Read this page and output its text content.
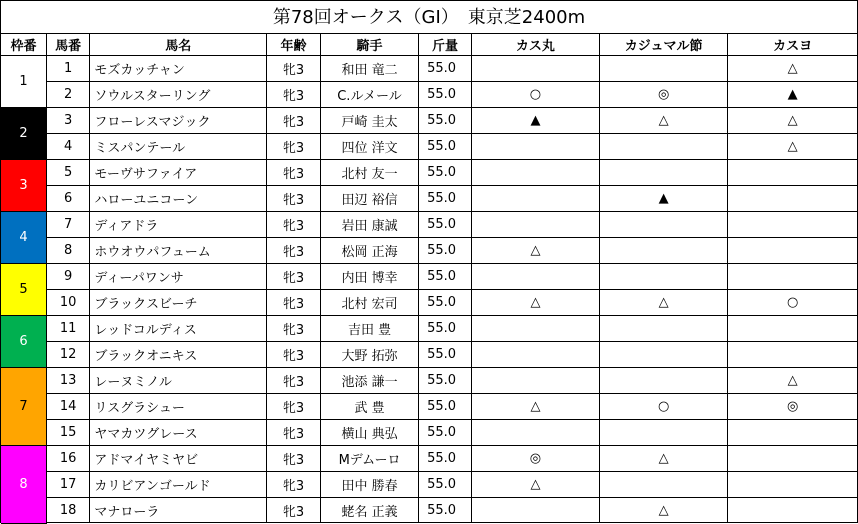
第78回オークス（GI）　東京芝2400m
枠番	馬番	馬名	年齢	騎手	斤量	カス丸	カジュマル節	カスヨ
1	1	モズカッチャン	牝3	和田 竜二	55.0			△
	2	ソウルスターリング	牝3	C.ルメール	55.0	○	◎	▲
2	3	フローレスマジック	牝3	戸崎 圭太	55.0	▲	△	△
	4	ミスパンテール	牝3	四位 洋文	55.0			△
3	5	モーヴサファイア	牝3	北村 友一	55.0			
	6	ハローユニコーン	牝3	田辺 裕信	55.0		▲	
4	7	ディアドラ	牝3	岩田 康誠	55.0			
	8	ホウオウパフューム	牝3	松岡 正海	55.0	△		
5	9	ディーパワンサ	牝3	内田 博幸	55.0			
	10	ブラックスビーチ	牝3	北村 宏司	55.0	△	△	○
6	11	レッドコルディス	牝3	吉田 豊	55.0			
	12	ブラックオニキス	牝3	大野 拓弥	55.0			
7	13	レーヌミノル	牝3	池添 謙一	55.0			△
	14	リスグラシュー	牝3	武 豊	55.0	△	○	◎
	15	ヤマカツグレース	牝3	横山 典弘	55.0			
8	16	アドマイヤミヤビ	牝3	Mデムーロ	55.0	◎	△	
	17	カリビアンゴールド	牝3	田中 勝春	55.0	△		
	18	マナローラ	牝3	蛯名 正義	55.0		△	
